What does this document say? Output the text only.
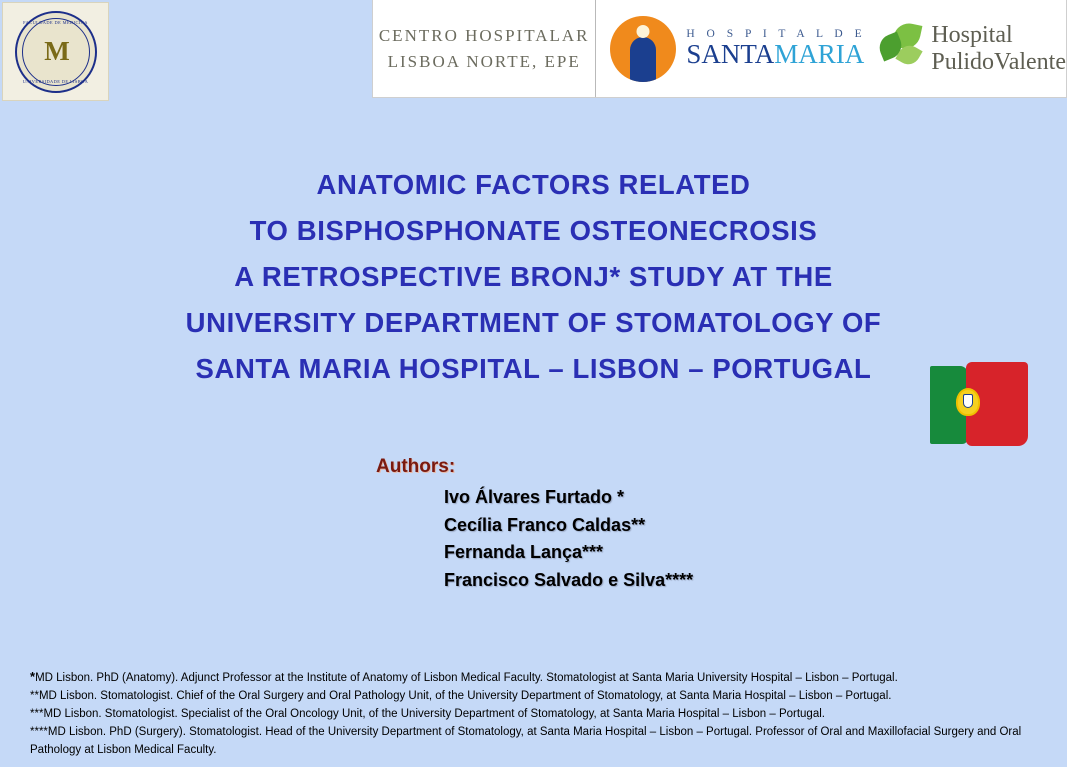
FACULDADE DE MEDICINA
M
UNIVERSIDADE DE LISBOA
CENTRO HOSPITALAR
LISBOA NORTE, EPE
H O S P I T A L D E
SANTAMARIA
Hospital
PulidoValente
ANATOMIC FACTORS RELATED
TO BISPHOSPHONATE OSTEONECROSIS
A RETROSPECTIVE BRONJ* STUDY AT THE
UNIVERSITY DEPARTMENT OF STOMATOLOGY OF
SANTA MARIA HOSPITAL – LISBON – PORTUGAL
Authors:
Ivo Álvares Furtado *
Cecília Franco Caldas**
Fernanda Lança***
Francisco Salvado e Silva****
*MD Lisbon. PhD (Anatomy). Adjunct Professor at the Institute of Anatomy of Lisbon Medical Faculty. Stomatologist at Santa Maria University Hospital – Lisbon – Portugal.
**MD Lisbon. Stomatologist. Chief of the Oral Surgery and Oral Pathology Unit, of the University Department of Stomatology, at Santa Maria Hospital – Lisbon – Portugal.
***MD Lisbon. Stomatologist. Specialist of the Oral Oncology Unit, of the University Department of Stomatology, at Santa Maria Hospital – Lisbon – Portugal.
****MD Lisbon. PhD (Surgery). Stomatologist. Head of the University Department of Stomatology, at Santa Maria Hospital – Lisbon – Portugal. Professor of Oral and Maxillofacial Surgery and Oral Pathology at Lisbon Medical Faculty.
